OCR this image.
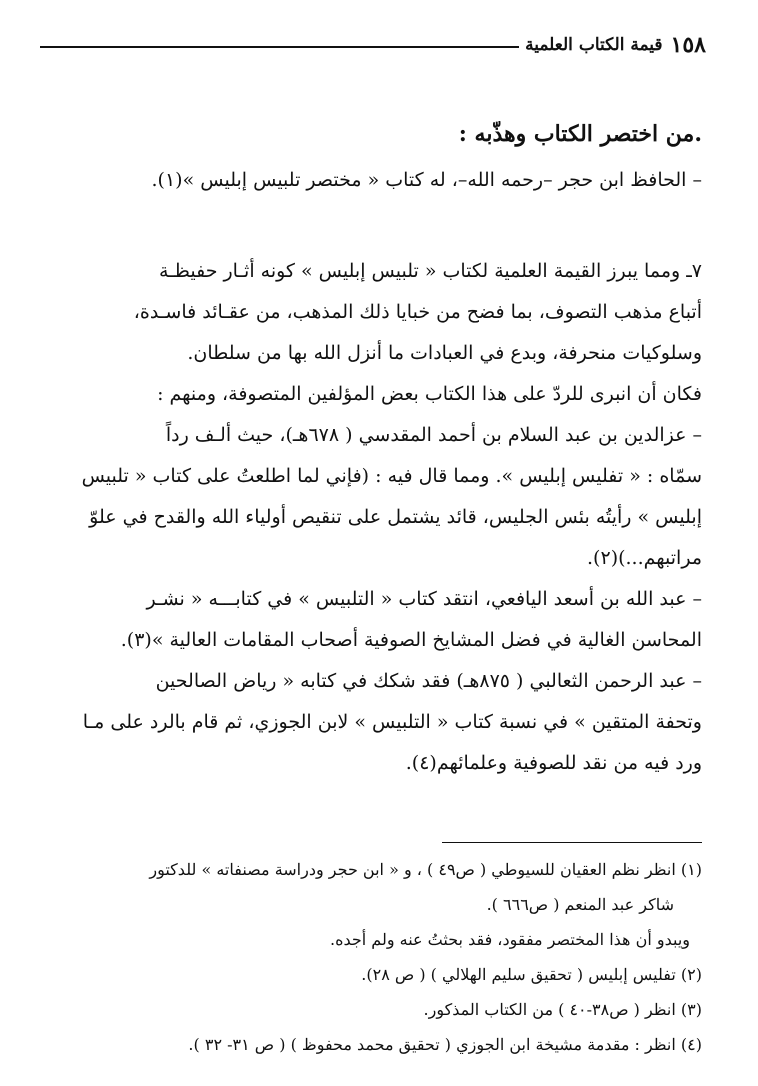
١٥٨
قيمة الكتاب العلمية
.من اختصر الكتاب وهذّبه :

– الحافظ ابن حجر –رحمه الله–، له كتاب « مختصر تلبيس إبليس »(١).

٧ـ ومما يبرز القيمة العلمية لكتاب « تلبيس إبليس » كونه أثـار حفيظـة

أتباع مذهب التصوف، بما فضح من خبايا ذلك المذهب، من عقـائد فاسـدة،

وسلوكيات منحرفة، وبدع في العبادات ما أنزل الله بها من سلطان.

فكان أن انبرى للردّ على هذا الكتاب بعض المؤلفين المتصوفة، ومنهم :

– عزالدين بن عبد السلام بن أحمد المقدسي ( ٦٧٨هـ)، حيث ألـف رداً

سمّاه : « تفليس إبليس ». ومما قال فيه : (فإني لما اطلعتُ على كتاب « تلبيس

إبليس » رأيتُه بئس الجليس، قائد يشتمل على تنقيص أولياء الله والقدح في علوّ

مراتبهم...)(٢).

– عبد الله بن أسعد اليافعي، انتقد كتاب « التلبيس » في كتابـــه « نشـر

المحاسن الغالية في فضل المشايخ الصوفية أصحاب المقامات العالية »(٣).

– عبد الرحمن الثعالبي ( ٨٧٥هـ) فقد شكك في كتابه « رياض الصالحين

وتحفة المتقين » في نسبة كتاب « التلبيس » لابن الجوزي، ثم قام بالرد على مـا

ورد فيه من نقد للصوفية وعلمائهم(٤).

(١) انظر نظم العقيان للسيوطي ( ص٤٩ ) ، و « ابن حجر ودراسة مصنفاته » للدكتور

شاكر عبد المنعم ( ص٦٦٦ ).

ويبدو أن هذا المختصر مفقود، فقد بحثتُ عنه ولم أجده.

(٢) تفليس إبليس ( تحقيق سليم الهلالي ) ( ص ٢٨).

(٣) انظر ( ص٣٨-٤٠ ) من الكتاب المذكور.

(٤) انظر : مقدمة مشيخة ابن الجوزي ( تحقيق محمد محفوظ ) ( ص ٣١- ٣٢ ).
